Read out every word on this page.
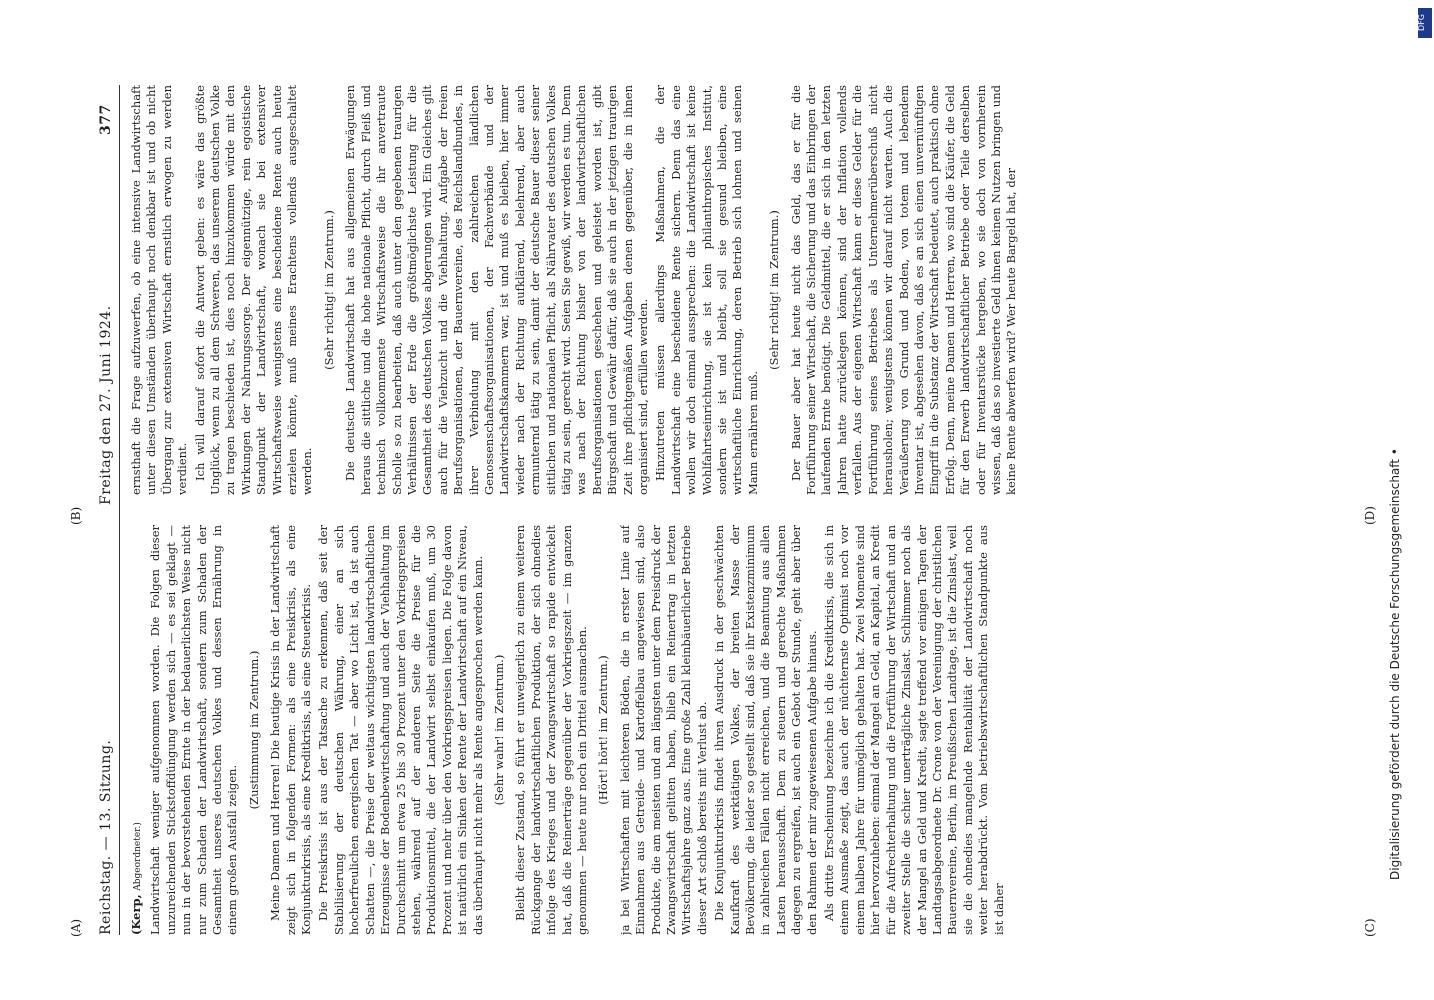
Reichstag. — 13. Sitzung.
Freitag den 27. Juni 1924.
377

(Kerp, Abgeordneter.) Landwirtschaft weniger aufgenommen worden. Die Folgen dieser unzureichenden Stickstoffdüngung werden sich — es sei geklagt — nun in der bevorstehenden Ernte in der bedauerlichsten Weise nicht nur zum Schaden der Landwirtschaft, sondern zum Schaden der Gesamtheit unseres deutschen Volkes und dessen Ernährung in einem großen Ausfall zeigen.

(Zustimmung im Zentrum.) Meine Damen und Herren! Die heutige Krisis in der Landwirtschaft zeigt sich in folgenden Formen: als eine Preiskrisis, als eine Konjunkturkrisis, als eine Kreditkrisis, als eine Steuerkrisis. Die Preiskrisis ist aus der Tatsache zu erkennen, daß seit der Stabilisierung der deutschen Währung, einer an sich hocherfreulichen energischen Tat — aber wo Licht ist, da ist auch Schatten —, die Preise der weitaus wichtigsten landwirtschaftlichen Erzeugnisse der Bodenbewirtschaftung und auch der Viehhaltung im Durchschnitt um etwa 25 bis 30 Prozent unter den Vorkriegspreisen stehen, während auf der anderen Seite die Preise für die Produktionsmittel, die der Landwirt selbst einkaufen muß, um 30 Prozent und mehr über den Vorkriegspreisen liegen. Die Folge davon ist natürlich ein Sinken der Rente der Landwirtschaft auf ein Niveau, das überhaupt nicht mehr als Rente angesprochen werden kann. (Sehr wahr! im Zentrum.) Bleibt dieser Zustand, so führt er unweigerlich zu einem weiteren Rückgange der landwirtschaftlichen Produktion, der sich ohnedies infolge des Krieges und der Zwangswirtschaft so rapide entwickelt hat, daß die Reinerträge gegenüber der Vorkriegszeit — im ganzen genommen — heute nur noch ein Drittel ausmachen. (Hört! hört! im Zentrum.) ja bei Wirtschaften mit leichteren Böden, die in erster Linie auf Einnahmen aus Getreide- und Kartoffelbau angewiesen sind, also Produkte, die am meisten und am längsten unter dem Preisdruck der Zwangswirtschaft gelitten haben, blieb ein Reinertrag in letzten Wirtschaftsjahre ganz aus. Eine große Zahl kleinbäuerlicher Betriebe dieser Art schloß bereits mit Verlust ab. Die Konjunkturkrisis findet ihren Ausdruck in der geschwächten Kaufkraft des werktätigen Volkes, der breiten Masse der Bevölkerung, die leider so gestellt sind, daß sie ihr Existenzminimum in zahlreichen Fällen nicht erreichen, und die Beamtung aus allen Lasten herausschafft. Dem zu steuern und gerechte Maßnahmen dagegen zu ergreifen, ist auch ein Gebot der Stunde, geht aber über den Rahmen der mir zugewiesenen Aufgabe hinaus. Als dritte Erscheinung bezeichne ich die Kreditkrisis, die sich in einem Ausmaße zeigt, das auch der nüchternste Optimist noch vor einem halben Jahre für unmöglich gehalten hat. Zwei Momente sind hier hervorzuheben: einmal der Mangel an Geld, an Kapital, an Kredit für die Aufrechterhaltung und die Fortführung der Wirtschaft und an zweiter Stelle die schier unerträgliche Zinslast. Schlimmer noch als der Mangel an Geld und Kredit, sagte treffend vor einigen Tagen der Landtagsabgeordnete Dr. Crone von der Vereinigung der christlichen Bauernvereine, Berlin, im Preußischen Landtage, ist die Zinslast, weil sie die ohnedies mangelnde Rentabilität der Landwirtschaft noch weiter herabdrückt. Vom betriebswirtschaftlichen Standpunkte aus ist daher

ernsthaft die Frage aufzuwerfen, ob eine intensive Landwirtschaft unter diesen Umständen überhaupt noch denkbar ist und ob nicht Übergang zur extensiven Wirtschaft ernstlich erwogen zu werden verdient. Ich will darauf sofort die Antwort geben: es wäre das größte Unglück, wenn zu all dem Schweren, das unserem deutschen Volke zu tragen beschieden ist, dies noch hinzukommen würde mit den Wirkungen der Nahrungssorge. Der eigennützige, rein egoistische Standpunkt der Landwirtschaft, wonach sie bei extensiver Wirtschaftsweise wenigstens eine bescheidene Rente auch heute erzielen könnte, muß meines Erachtens vollends ausgeschaltet werden.

(Sehr richtig! im Zentrum.) Die deutsche Landwirtschaft hat aus allgemeinen Erwägungen heraus die sittliche und die hohe nationale Pflicht, durch Fleiß und technisch vollkommenste Wirtschaftsweise die ihr anvertraute Scholle so zu bearbeiten, daß auch unter den gegebenen traurigen Verhältnissen der Erde die größtmöglichste Leistung für die Gesamtheit des deutschen Volkes abgerungen wird. Ein Gleiches gilt auch für die Viehzucht und die Viehhaltung. Aufgabe der freien Berufsorganisationen, der Bauernvereine, des Reichslandbundes, in ihrer Verbindung mit den zahlreichen ländlichen Genossenschaftsorganisationen, der Fachverbände und der Landwirtschaftskammern war, ist und muß es bleiben, hier immer wieder nach der Richtung aufklärend, belehrend, aber auch ermunternd tätig zu sein, damit der deutsche Bauer dieser seiner sittlichen und nationalen Pflicht, als Nährvater des deutschen Volkes tätig zu sein, gerecht wird. Seien Sie gewiß, wir werden es tun. Denn was nach der Richtung bisher von der landwirtschaftlichen Berufsorganisationen geschehen und geleistet worden ist, gibt Bürgschaft und Gewähr dafür, daß sie auch in der jetzigen traurigen Zeit ihre pflichtgemäßen Aufgaben denen gegenüber, die in ihnen organisiert sind, erfüllen werden. Hinzutreten müssen allerdings Maßnahmen, die der Landwirtschaft eine bescheidene Rente sichern. Denn das eine wollen wir doch einmal aussprechen: die Landwirtschaft ist keine Wohlfahrtseinrichtung, sie ist kein philanthropisches Institut, sondern sie ist und bleibt, soll sie gesund bleiben, eine wirtschaftliche Einrichtung, deren Betrieb sich lohnen und seinen Mann ernähren muß.

(Sehr richtig! im Zentrum.) Der Bauer aber hat heute nicht das Geld, das er für die Fortführung seiner Wirtschaft, die Sicherung und das Einbringen der laufenden Ernte benötigt. Die Geldmittel, die er sich in den letzten Jahren hatte zurücklegen können, sind der Inflation vollends verfallen. Aus der eigenen Wirtschaft kann er diese Gelder für die Fortführung seines Betriebes als Unternehmerüberschuß nicht herausholen; wenigstens können wir darauf nicht warten. Auch die Veräußerung von Grund und Boden, von totem und lebendem Inventar ist, abgesehen davon, daß es an sich einen unvernünftigen Eingriff in die Substanz der Wirtschaft bedeutet, auch praktisch ohne Erfolg. Denn, meine Damen und Herren, wo sind die Käufer, die Geld für den Erwerb landwirtschaftlicher Betriebe oder Teile derselben oder für Inventarstücke hergeben, wo sie doch von vornherein wissen, daß das so investierte Geld ihnen keinen Nutzen bringen und keine Rente abwerfen wird? Wer heute Bargeld hat, der

(A)
(B)
(C)
(D) Digitalisierung gefördert durch die Deutsche Forschungsgemeinschaft •
DFG
